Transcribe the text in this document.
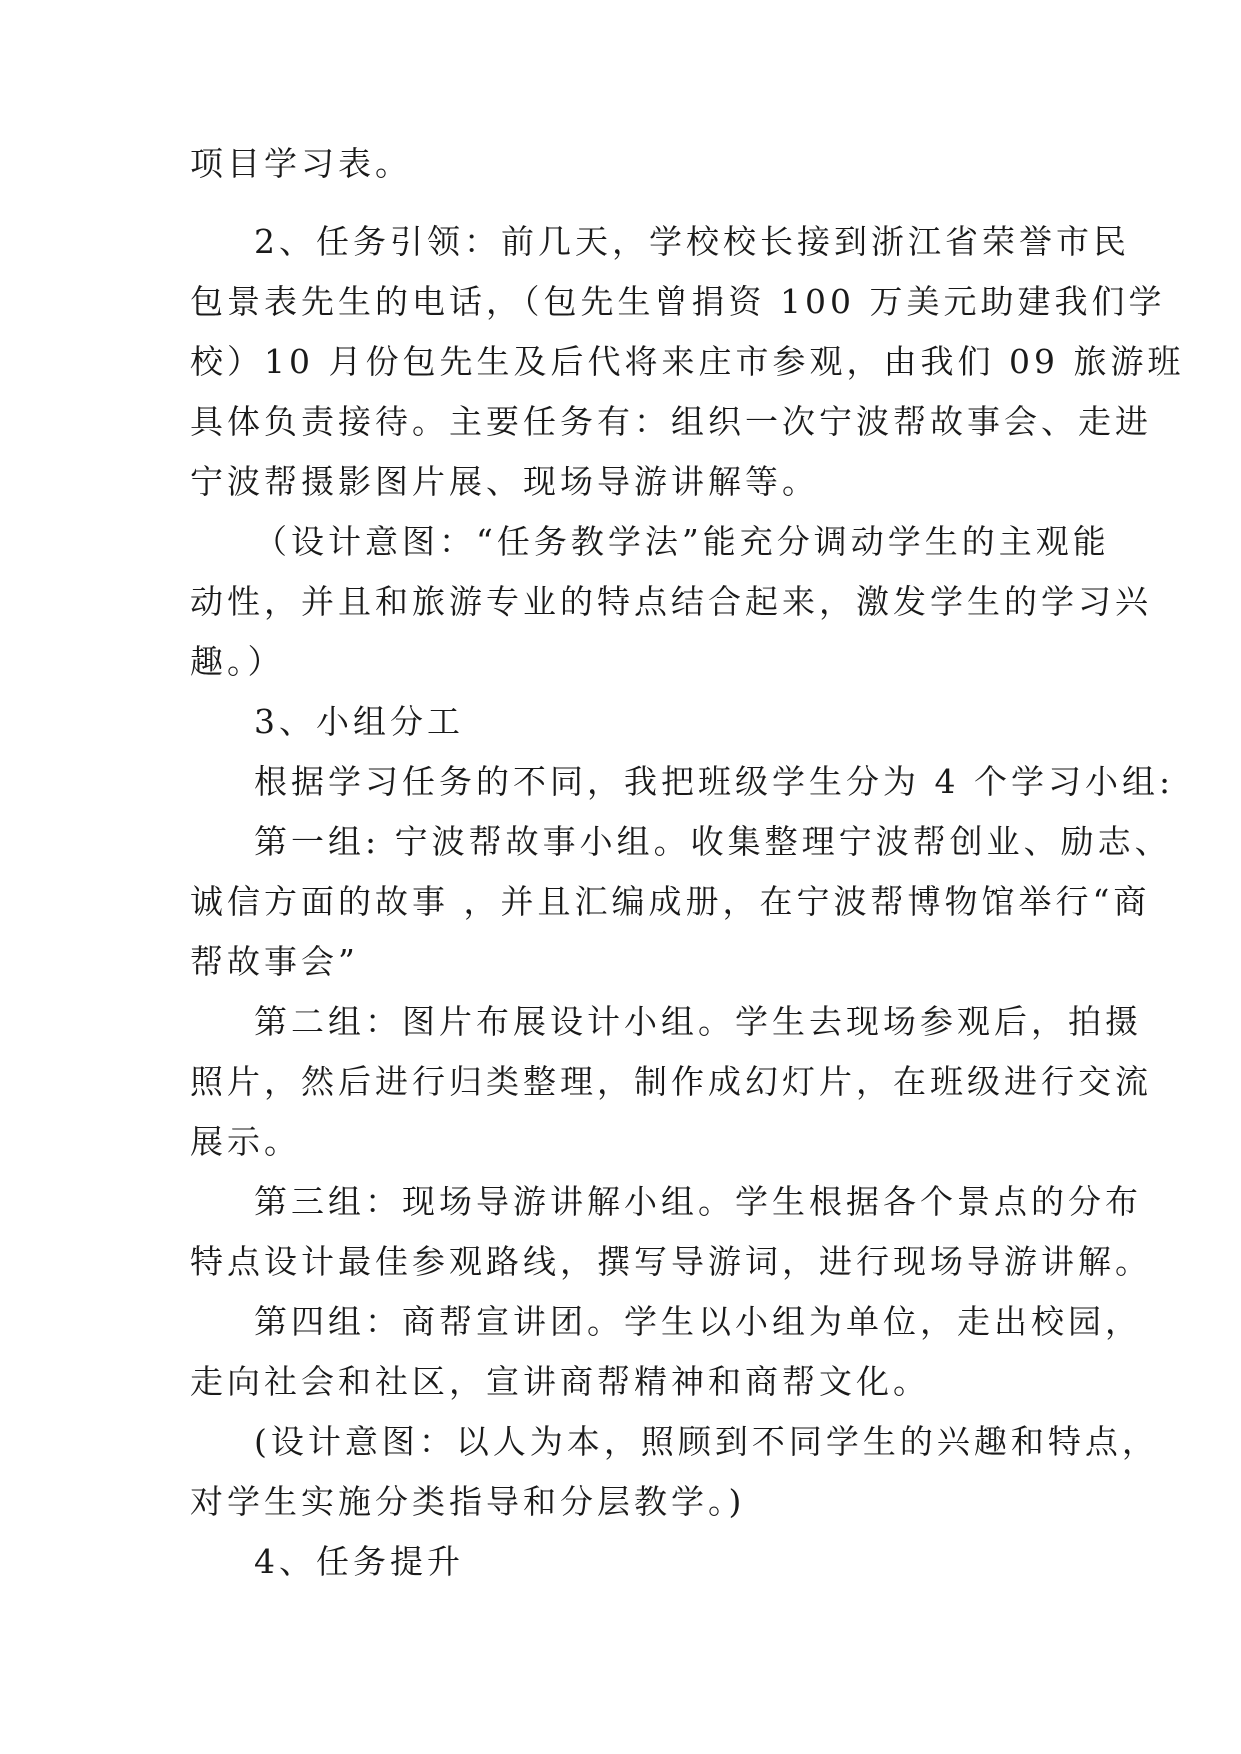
项目学习表。
2、任务引领：前几天，学校校长接到浙江省荣誉市民
包景表先生的电话，（包先生曾捐资 100 万美元助建我们学
校）10 月份包先生及后代将来庄市参观，由我们 09 旅游班
具体负责接待。主要任务有：组织一次宁波帮故事会、走进
宁波帮摄影图片展、现场导游讲解等。
（设计意图：“任务教学法”能充分调动学生的主观能
动性，并且和旅游专业的特点结合起来，激发学生的学习兴
趣。）
3、小组分工
根据学习任务的不同，我把班级学生分为 4 个学习小组:
第一组: 宁波帮故事小组。收集整理宁波帮创业、励志、
诚信方面的故事 ，并且汇编成册，在宁波帮博物馆举行“商
帮故事会”
第二组：图片布展设计小组。学生去现场参观后，拍摄
照片，然后进行归类整理，制作成幻灯片，在班级进行交流
展示。
第三组：现场导游讲解小组。学生根据各个景点的分布
特点设计最佳参观路线，撰写导游词，进行现场导游讲解。
第四组：商帮宣讲团。学生以小组为单位，走出校园，
走向社会和社区，宣讲商帮精神和商帮文化。
(设计意图：以人为本，照顾到不同学生的兴趣和特点，
对学生实施分类指导和分层教学。)
4、任务提升
